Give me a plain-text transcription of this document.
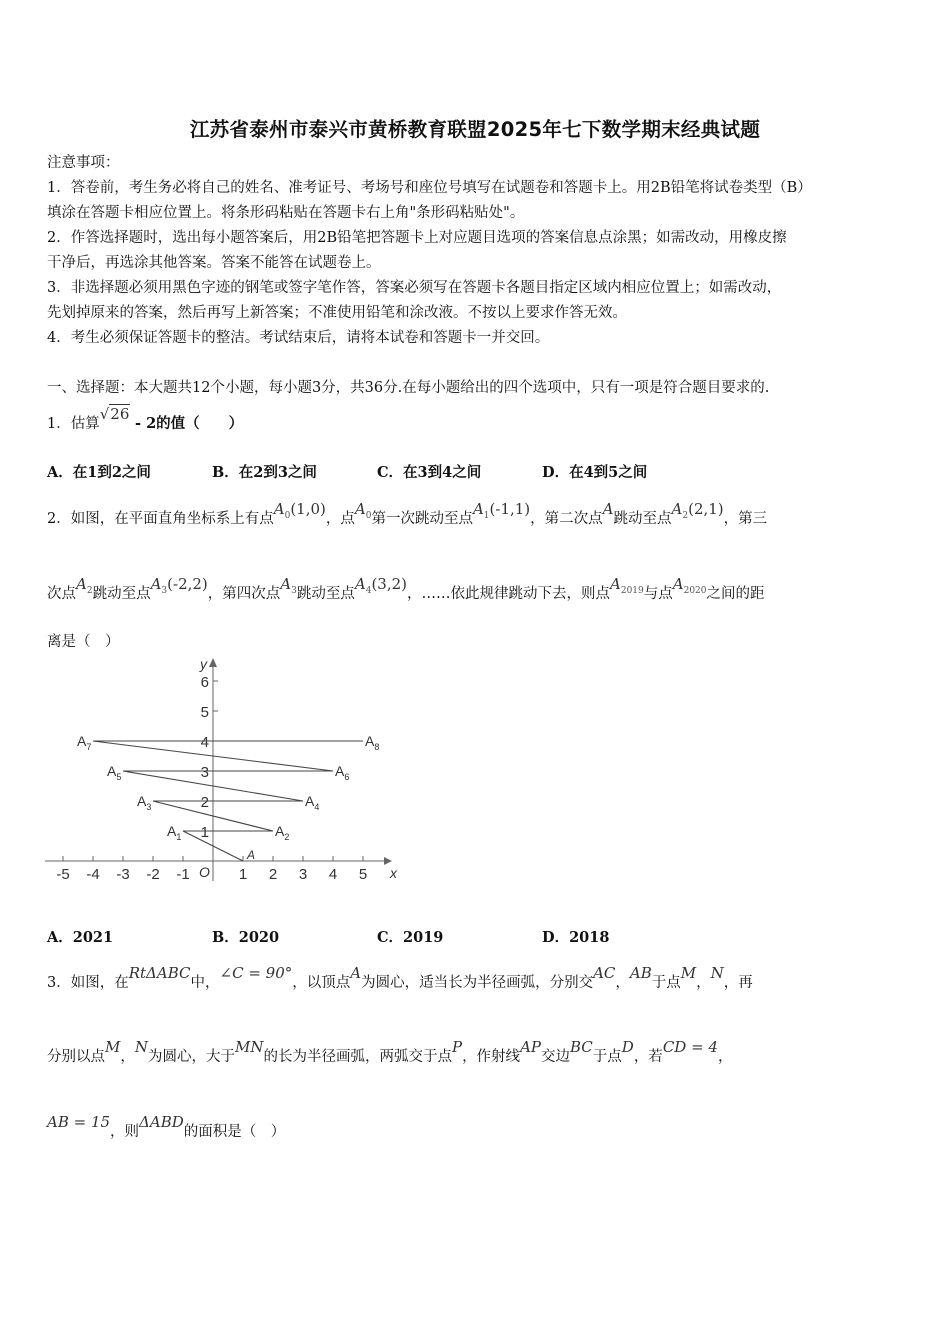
江苏省泰州市泰兴市黄桥教育联盟2025年七下数学期末经典试题
注意事项：
1．答卷前，考生务必将自己的姓名、准考证号、考场号和座位号填写在试题卷和答题卡上。用2B铅笔将试卷类型（B）
填涂在答题卡相应位置上。将条形码粘贴在答题卡右上角"条形码粘贴处"。
2．作答选择题时，选出每小题答案后，用2B铅笔把答题卡上对应题目选项的答案信息点涂黑；如需改动，用橡皮擦
干净后，再选涂其他答案。答案不能答在试题卷上。
3．非选择题必须用黑色字迹的钢笔或签字笔作答，答案必须写在答题卡各题目指定区域内相应位置上；如需改动，
先划掉原来的答案，然后再写上新答案；不准使用铅笔和涂改液。不按以上要求作答无效。
4．考生必须保证答题卡的整洁。考试结束后，请将本试卷和答题卡一并交回。
一、选择题：本大题共12个小题，每小题3分，共36分.在每小题给出的四个选项中，只有一项是符合题目要求的.
1．估算√26 - 2的值（　　）
A．在1到2之间	B．在2到3之间	C．在3到4之间	D．在4到5之间
2．如图，在平面直角坐标系上有点$A_0(1,0)$，点$A_0$第一次跳动至点$A_1(-1,1)$，第二次点A跳动至点$A_2(2,1)$，第三
次点$A_2$跳动至点$A_3(-2,2)$，第四次点$A_3$跳动至点$A_4(3,2)$，……依此规律跳动下去，则点$A_{2019}$与点$A_{2020}$之间的距
离是（　）
x
y
O
A
-5 -4 -3 -2 -1	1 2 3 4 5
1
2
3
4
5
6
$A_1$	$A_2$
$A_3$	$A_4$
$A_5$	$A_6$
$A_7$	$A_8$
A．2021	B．2020	C．2019	D．2018
3．如图，在RtΔABC中，∠C = 90°，以顶点A为圆心，适当长为半径画弧，分别交AC，AB于点M，N，再
分别以点M，N为圆心，大于MN的长为半径画弧，两弧交于点P，作射线AP交边BC于点D，若CD = 4，
AB = 15，则ΔABD的面积是（　）
